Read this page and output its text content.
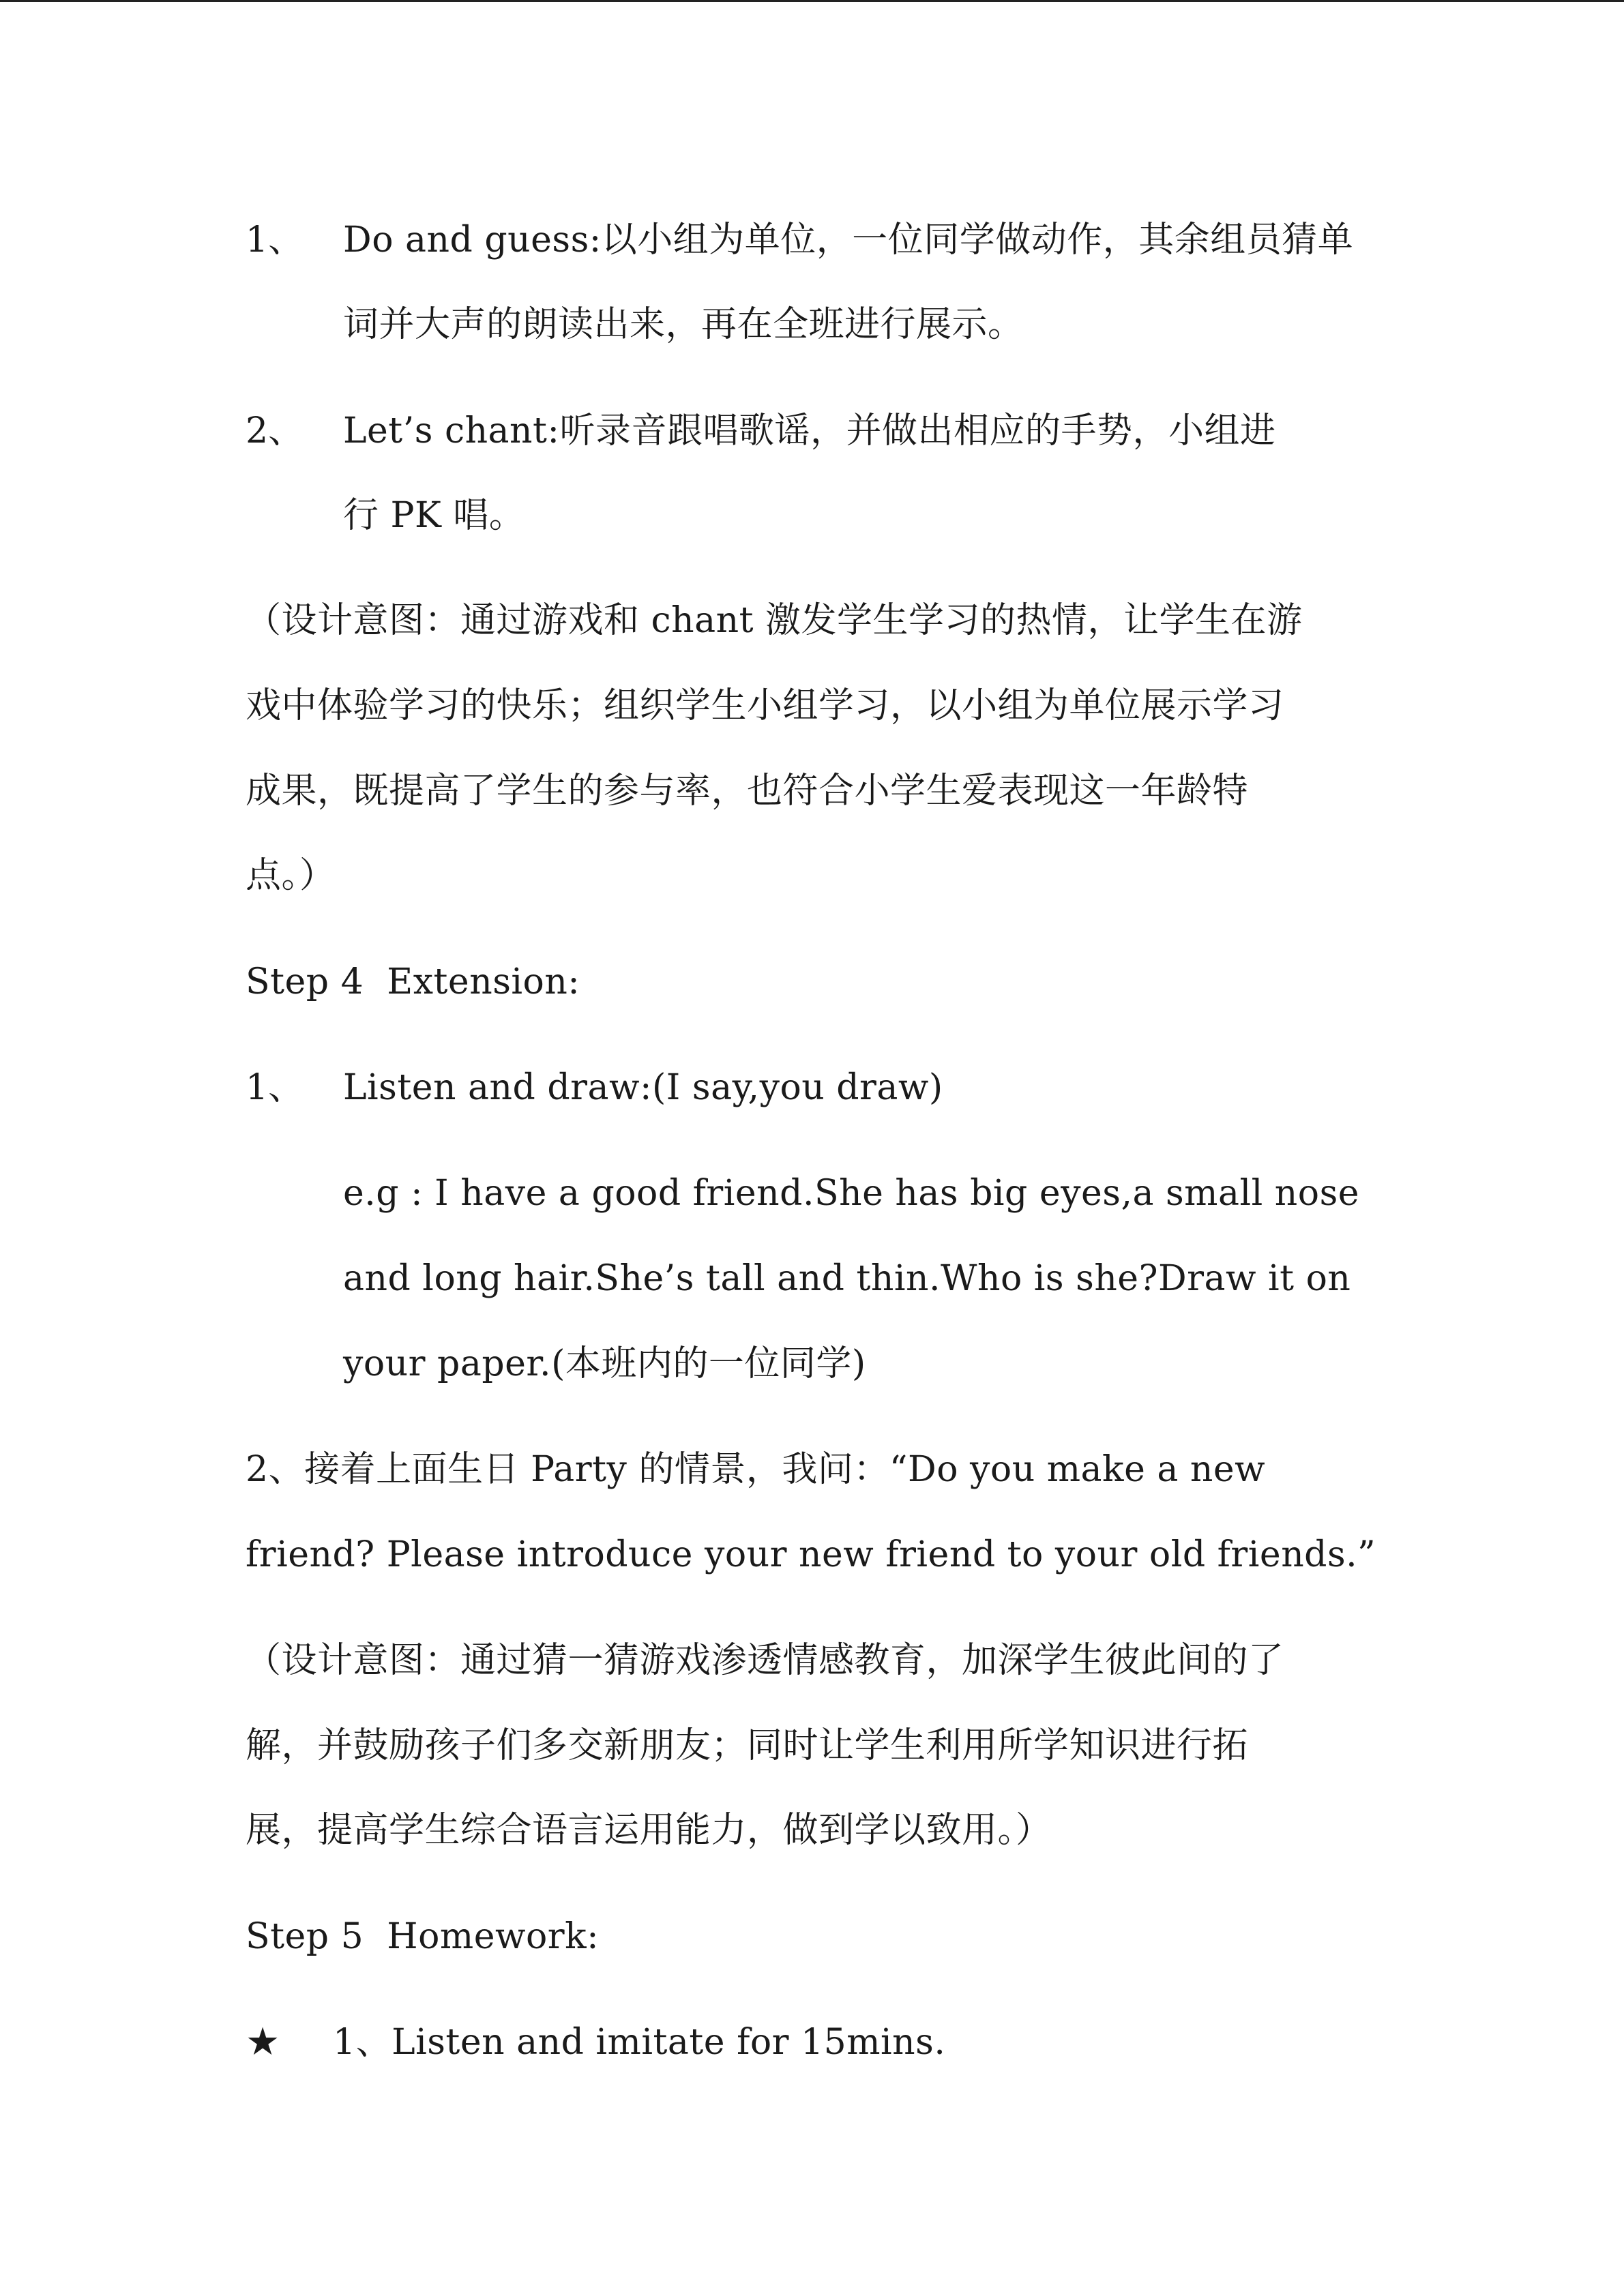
1、 Do and guess:以小组为单位，一位同学做动作，其余组员猜单
词并大声的朗读出来，再在全班进行展示。
2、 Let’s chant:听录音跟唱歌谣，并做出相应的手势，小组进
行 PK 唱。
（设计意图：通过游戏和 chant 激发学生学习的热情，让学生在游
戏中体验学习的快乐；组织学生小组学习，以小组为单位展示学习
成果，既提高了学生的参与率，也符合小学生爱表现这一年龄特
点。）
Step 4  Extension:
1、 Listen and draw:(I say,you draw)
e.g : I have a good friend.She has big eyes,a small nose
and long hair.She’s tall and thin.Who is she?Draw it on
your paper.(本班内的一位同学)
2、接着上面生日 Party 的情景，我问：“Do you make a new
friend? Please introduce your new friend to your old friends.”
（设计意图：通过猜一猜游戏渗透情感教育，加深学生彼此间的了
解，并鼓励孩子们多交新朋友；同时让学生利用所学知识进行拓
展，提高学生综合语言运用能力，做到学以致用。）
Step 5  Homework:
★ 1、Listen and imitate for 15mins.
